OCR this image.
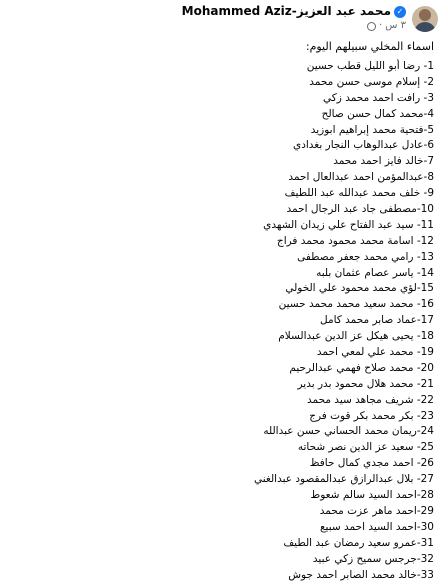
✓
محمد عبد العزيز-Mohammed Aziz
٣ س
·
اسماء المخلي سبيلهم اليوم:
1- رضا أبو الليل قطب حسين
2- إسلام موسى حسن محمد
3- رافت احمد محمد زكي
4-محمد كمال حسن صالح
5-فتحية محمد إبراهيم ابوزيد
6-عادل عبدالوهاب النجار بغدادي
7-خالد فايز احمد محمد
8-عبدالمؤمن احمد عبدالعال احمد
9- خلف محمد عبدالله عبد اللطيف
10-مصطفى جاد عبد الرجال احمد
11- سيد عبد الفتاح علي زيدان الشهدي
12- اسامة محمد محمود محمد فراج
13- رامي محمد جعفر مصطفى
14- ياسر عصام عثمان بلبه
15-لؤي محمد محمود علي الخولي
16- محمد سعيد محمد محمد حسين
17-عماد صابر محمد كامل
18- يحيى هيكل عز الدين عبدالسلام
19- محمد علي لمعي احمد
20- محمد صلاح فهمي عبدالرحيم
21- محمد هلال محمود بدر بدير
22- شريف مجاهد سيد محمد
23- بكر محمد بكر قوت فرج
24-ريمان محمد الحساني حسن عبدالله
25- سعيد عز الدين نصر شحاته
26- احمد مجدي كمال حافظ
27- بلال عبدالرازق عبدالمقصود عبدالغني
28-احمد السيد سالم شعوط
29-احمد ماهر عزت محمد
30-احمد السيد احمد سبيع
31-عمرو سعيد رمضان عبد الطيف
32-جرجس سميح زكي عبيد
33-خالد محمد الصابر احمد جوش
